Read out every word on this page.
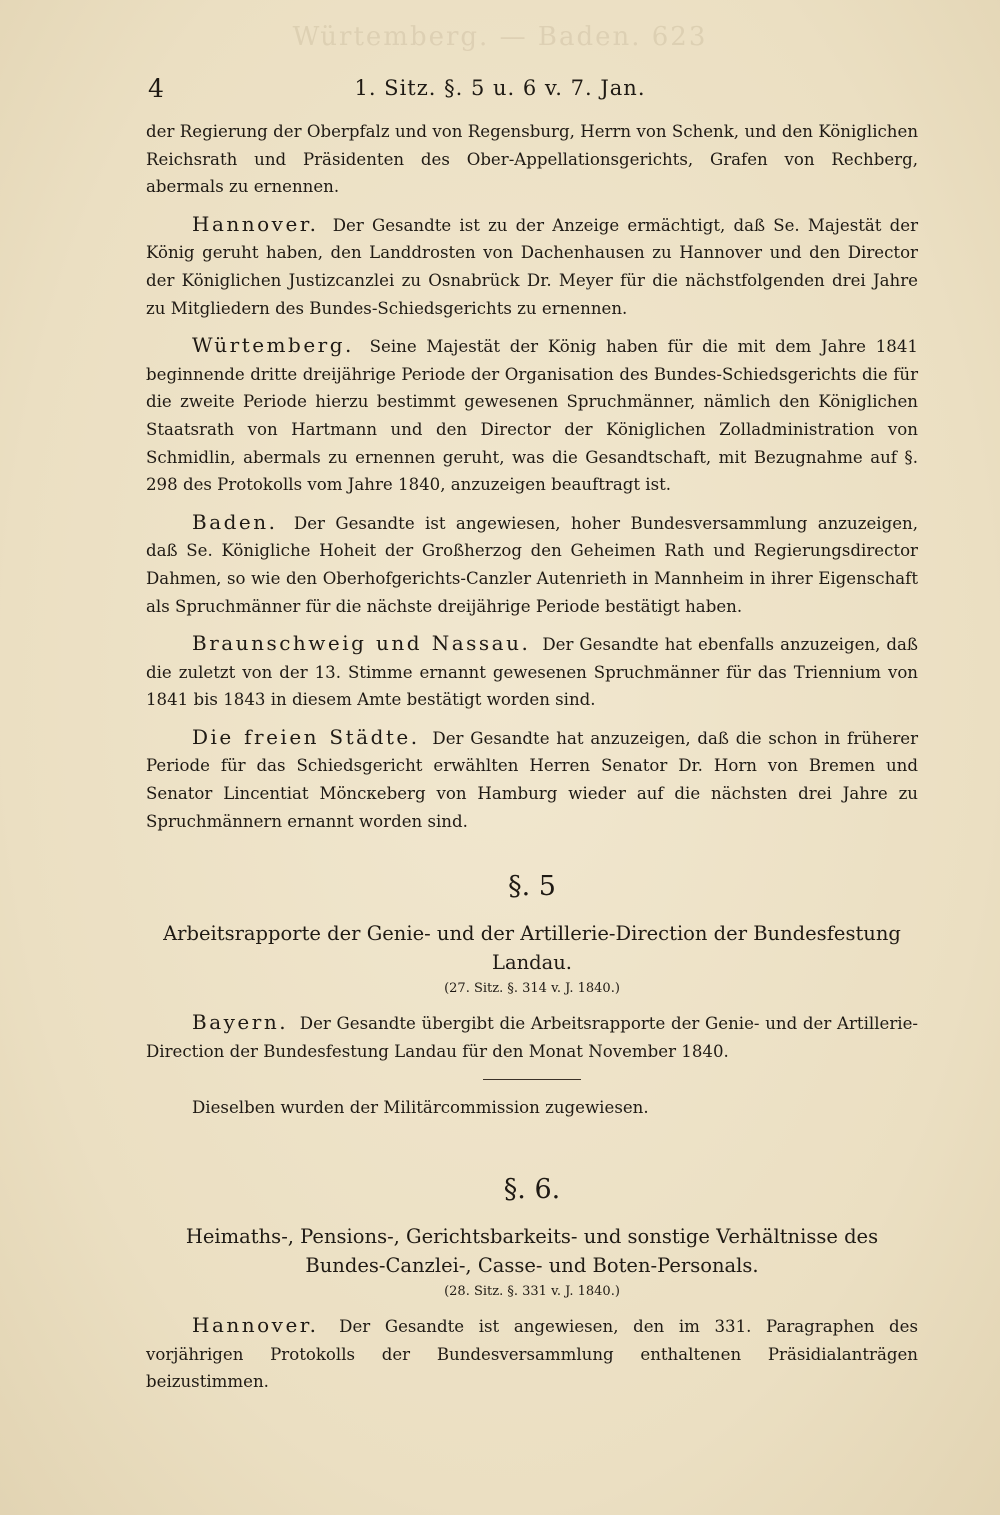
Würtemberg. — Baden. 623
4	1. Sitz. §. 5 u. 6 v. 7. Jan.

der Regierung der Oberpfalz und von Regensburg, Herrn von Schenk, und den Königlichen Reichsrath und Präsidenten des Ober-Appellationsgerichts, Grafen von Rechberg, abermals zu ernennen.

Hannover. Der Gesandte ist zu der Anzeige ermächtigt, daß Se. Majestät der König geruht haben, den Landdrosten von Dachenhausen zu Hannover und den Director der Königlichen Justizcanzlei zu Osnabrück Dr. Meyer für die nächstfolgenden drei Jahre zu Mitgliedern des Bundes-Schiedsgerichts zu ernennen.

Würtemberg. Seine Majestät der König haben für die mit dem Jahre 1841 beginnende dritte dreijährige Periode der Organisation des Bundes-Schiedsgerichts die für die zweite Periode hierzu bestimmt gewesenen Spruchmänner, nämlich den Königlichen Staatsrath von Hartmann und den Director der Königlichen Zolladministration von Schmidlin, abermals zu ernennen geruht, was die Gesandtschaft, mit Bezugnahme auf §. 298 des Protokolls vom Jahre 1840, anzuzeigen beauftragt ist.

Baden. Der Gesandte ist angewiesen, hoher Bundesversammlung anzuzeigen, daß Se. Königliche Hoheit der Großherzog den Geheimen Rath und Regierungsdirector Dahmen, so wie den Oberhofgerichts-Canzler Autenrieth in Mannheim in ihrer Eigenschaft als Spruchmänner für die nächste dreijährige Periode bestätigt haben.

Braunschweig und Nassau. Der Gesandte hat ebenfalls anzuzeigen, daß die zuletzt von der 13. Stimme ernannt gewesenen Spruchmänner für das Triennium von 1841 bis 1843 in diesem Amte bestätigt worden sind.

Die freien Städte. Der Gesandte hat anzuzeigen, daß die schon in früherer Periode für das Schiedsgericht erwählten Herren Senator Dr. Horn von Bremen und Senator Lincentiat Möncкeberg von Hamburg wieder auf die nächsten drei Jahre zu Spruchmännern ernannt worden sind.

§. 5
Arbeitsrapporte der Genie- und der Artillerie-Direction der Bundesfestung Landau.
(27. Sitz. §. 314 v. J. 1840.)

Bayern. Der Gesandte übergibt die Arbeitsrapporte der Genie- und der Artillerie-Direction der Bundesfestung Landau für den Monat November 1840.

Dieselben wurden der Militärcommission zugewiesen.

§. 6.
Heimaths-, Pensions-, Gerichtsbarkeits- und sonstige Verhältnisse des Bundes-Canzlei-, Casse- und Boten-Personals.
(28. Sitz. §. 331 v. J. 1840.)

Hannover. Der Gesandte ist angewiesen, den im 331. Paragraphen des vorjährigen Protokolls der Bundesversammlung enthaltenen Präsidialanträgen beizustimmen.
